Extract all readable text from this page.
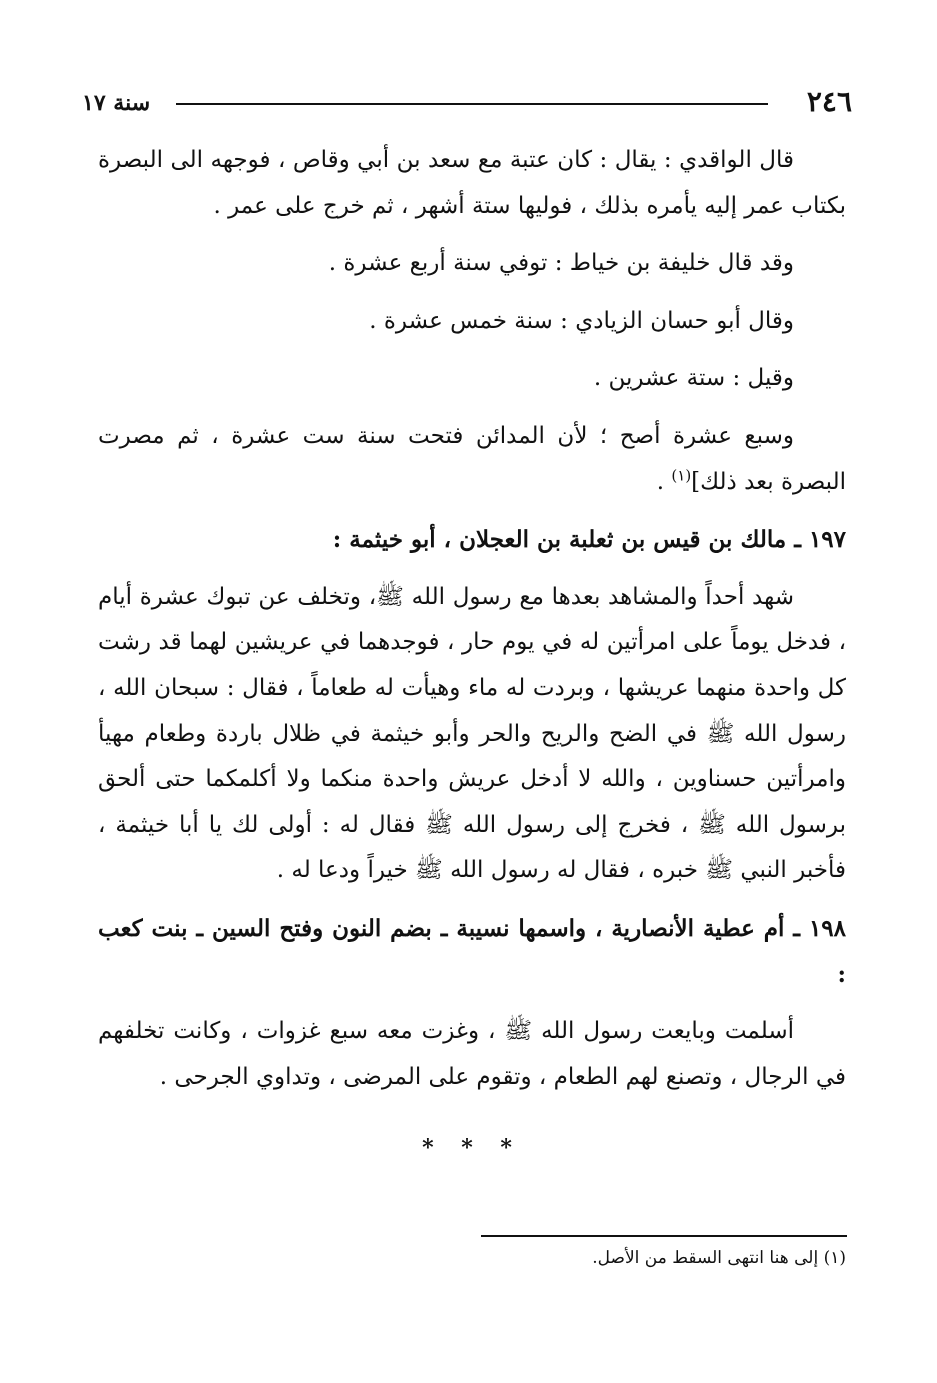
٢٤٦
سنة ١٧

قال الواقدي : يقال : كان عتبة مع سعد بن أبي وقاص ، فوجهه الى البصرة بكتاب عمر إليه يأمره بذلك ، فوليها ستة أشهر ، ثم خرج على عمر .

وقد قال خليفة بن خياط : توفي سنة أربع عشرة .

وقال أبو حسان الزيادي : سنة خمس عشرة .

وقيل : ستة عشرين .

وسبع عشرة أصح ؛ لأن المدائن فتحت سنة ست عشرة ، ثم مصرت البصرة بعد ذلك]$^{(١)}$ .

١٩٧ ـ مالك بن قيس بن ثعلبة بن العجلان ، أبو خيثمة :

شهد أحداً والمشاهد بعدها مع رسول الله ﷺ، وتخلف عن تبوك عشرة أيام ، فدخل يوماً على امرأتين له في يوم حار ، فوجدهما في عريشين لهما قد رشت كل واحدة منهما عريشها ، وبردت له ماء وهيأت له طعاماً ، فقال : سبحان الله ، رسول الله ﷺ في الضح والريح والحر وأبو خيثمة في ظلال باردة وطعام مهيأ وامرأتين حسناوين ، والله لا أدخل عريش واحدة منكما ولا أكلمكما حتى ألحق برسول الله ﷺ ، فخرج إلى رسول الله ﷺ فقال له : أولى لك يا أبا خيثمة ، فأخبر النبي ﷺ خبره ، فقال له رسول الله ﷺ خيراً ودعا له .

١٩٨ ـ أم عطية الأنصارية ، واسمها نسيبة ـ بضم النون وفتح السين ـ بنت كعب :

أسلمت وبايعت رسول الله ﷺ ، وغزت معه سبع غزوات ، وكانت تخلفهم في الرجال ، وتصنع لهم الطعام ، وتقوم على المرضى ، وتداوي الجرحى .

* * *
(١) إلى هنا انتهى السقط من الأصل.
